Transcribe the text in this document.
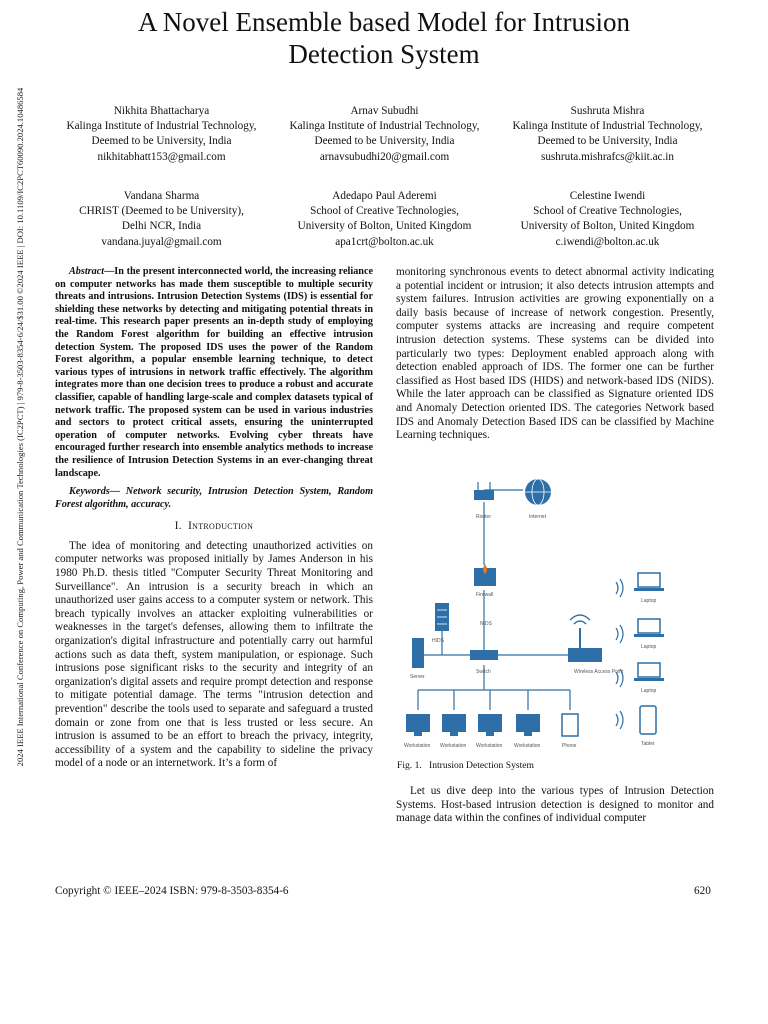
2024 IEEE International Conference on Computing, Power and Communication Technologies (IC2PCT) | 979-8-3503-8354-6/24/$31.00 ©2024 IEEE | DOI: 10.1109/IC2PCT60090.2024.10486584
A Novel Ensemble based Model for Intrusion
Detection System
Nikhita Bhattacharya
Kalinga Institute of Industrial Technology,
Deemed to be University, India
nikhitabhatt153@gmail.com
Arnav Subudhi
Kalinga Institute of Industrial Technology,
Deemed to be University, India
arnavsubudhi20@gmail.com
Sushruta Mishra
Kalinga Institute of Industrial Technology,
Deemed to be University, India
sushruta.mishrafcs@kiit.ac.in
Vandana Sharma
CHRIST (Deemed to be University),
Delhi NCR, India
vandana.juyal@gmail.com
Adedapo Paul Aderemi
School of Creative Technologies,
University of Bolton, United Kingdom
apa1crt@bolton.ac.uk
Celestine Iwendi
School of Creative Technologies,
University of Bolton, United Kingdom
c.iwendi@bolton.ac.uk

Abstract—In the present interconnected world, the increasing reliance on computer networks has made them susceptible to multiple security threats and intrusions. Intrusion Detection Systems (IDS) is essential for shielding these networks by detecting and mitigating potential threats in real-time. This research paper presents an in-depth study of employing the Random Forest algorithm for building an effective intrusion detection System. The proposed IDS uses the power of the Random Forest algorithm, a popular ensemble learning technique, to detect various types of intrusions in network traffic effectively. The algorithm integrates more than one decision trees to produce a robust and accurate classifier, capable of handling large-scale and complex datasets typical of network traffic. The proposed system can be used in various industries and sectors to protect critical assets, ensuring the uninterrupted operation of computer networks. Evolving cyber threats have encouraged further research into ensemble analytics methods to increase the resilience of Intrusion Detection Systems in an ever-changing threat landscape.

Keywords— Network security, Intrusion Detection System, Random Forest algorithm, accuracy.

I. Introduction

The idea of monitoring and detecting unauthorized activities on computer networks was proposed initially by James Anderson in his 1980 Ph.D. thesis titled "Computer Security Threat Monitoring and Surveillance". An intrusion is a security breach in which an unauthorized user gains access to a computer system or network. This breach typically involves an attacker exploiting vulnerabilities or weaknesses in the target's defenses, allowing them to infiltrate the organization's digital infrastructure and potentially carry out harmful actions such as data theft, system manipulation, or espionage. Such intrusions pose significant risks to the security and integrity of an organization's digital assets and require prompt detection and response to mitigate potential damage. The terms "intrusion detection and prevention" describe the tools used to separate and safeguard a trusted domain or zone from one that is less trusted or less secure. An intrusion is assumed to be an effort to breach the privacy, integrity, accessibility of a system and the capability to sideline the privacy model of a node or an internetwork. It’s a form of

monitoring synchronous events to detect abnormal activity indicating a potential incident or intrusion; it also detects intrusion attempts and system failures. Intrusion activities are growing exponentially on a daily basis because of increase of network congestion. Presently, computer systems attacks are increasing and require competent intrusion detection systems. These systems can be divided into particularly two types: Deployment enabled approach along with detection enabled approach of IDS. The former one can be further classified as Host based IDS (HIDS) and network-based IDS (NIDS). While the later approach can be classified as Signature oriented IDS and Anomaly Detection oriented IDS. The categories Network based IDS and Anomaly Detection Based IDS can be classified by Machine Learning techniques.

Router	Internet
Firewall
NIDS
HIDS
Server
Switch	Wireless Access Point
Laptop
Laptop
Laptop
Tablet
Workstation Workstation Workstation Workstation	Phone
Fig. 1. Intrusion Detection System

Let us dive deep into the various types of Intrusion Detection Systems. Host-based intrusion detection is designed to monitor and manage data within the confines of individual computer

Copyright © IEEE–2024 ISBN: 979-8-3503-8354-6	620
